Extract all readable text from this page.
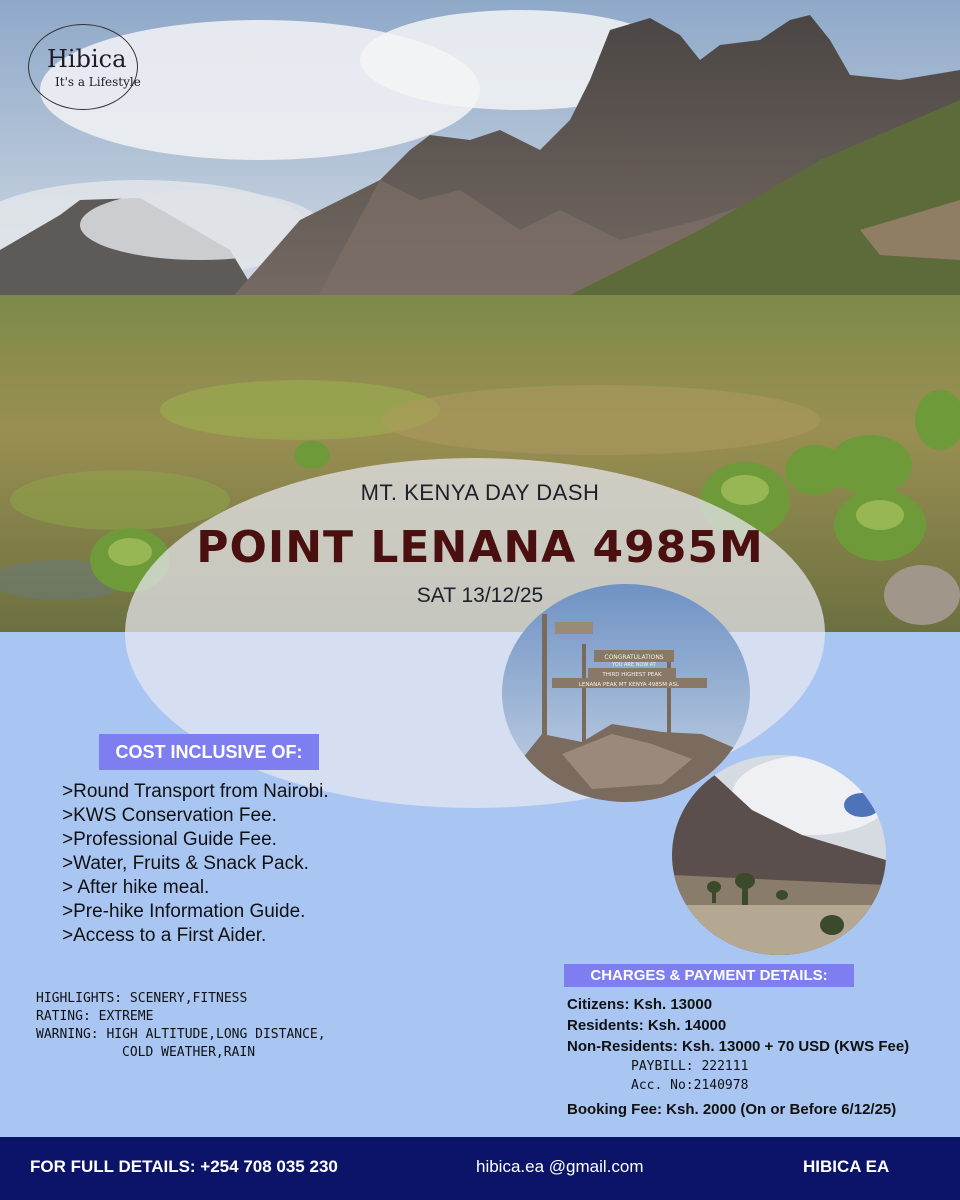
Hibica
It's a Lifestyle
MT. KENYA DAY DASH
POINT LENANA 4985M
SAT 13/12/25
CONGRATULATIONS
YOU ARE NOW AT
THIRD HIGHEST PEAK
LENANA PEAK MT KENYA 4985M ASL
COST INCLUSIVE OF:
>Round Transport from Nairobi.
>KWS Conservation Fee.
>Professional Guide Fee.
>Water, Fruits & Snack Pack.
> After hike meal.
>Pre-hike Information Guide.
>Access to a First Aider.
HIGHLIGHTS: SCENERY,FITNESS
RATING: EXTREME
WARNING: HIGH ALTITUDE,LONG DISTANCE,
COLD WEATHER,RAIN
CHARGES & PAYMENT DETAILS:
Citizens: Ksh. 13000
Residents: Ksh. 14000
Non-Residents: Ksh. 13000 + 70 USD (KWS Fee)
PAYBILL: 222111
Acc. No:2140978
Booking Fee: Ksh. 2000 (On or Before 6/12/25)
FOR FULL DETAILS: +254 708 035 230	hibica.ea @gmail.com	HIBICA EA
